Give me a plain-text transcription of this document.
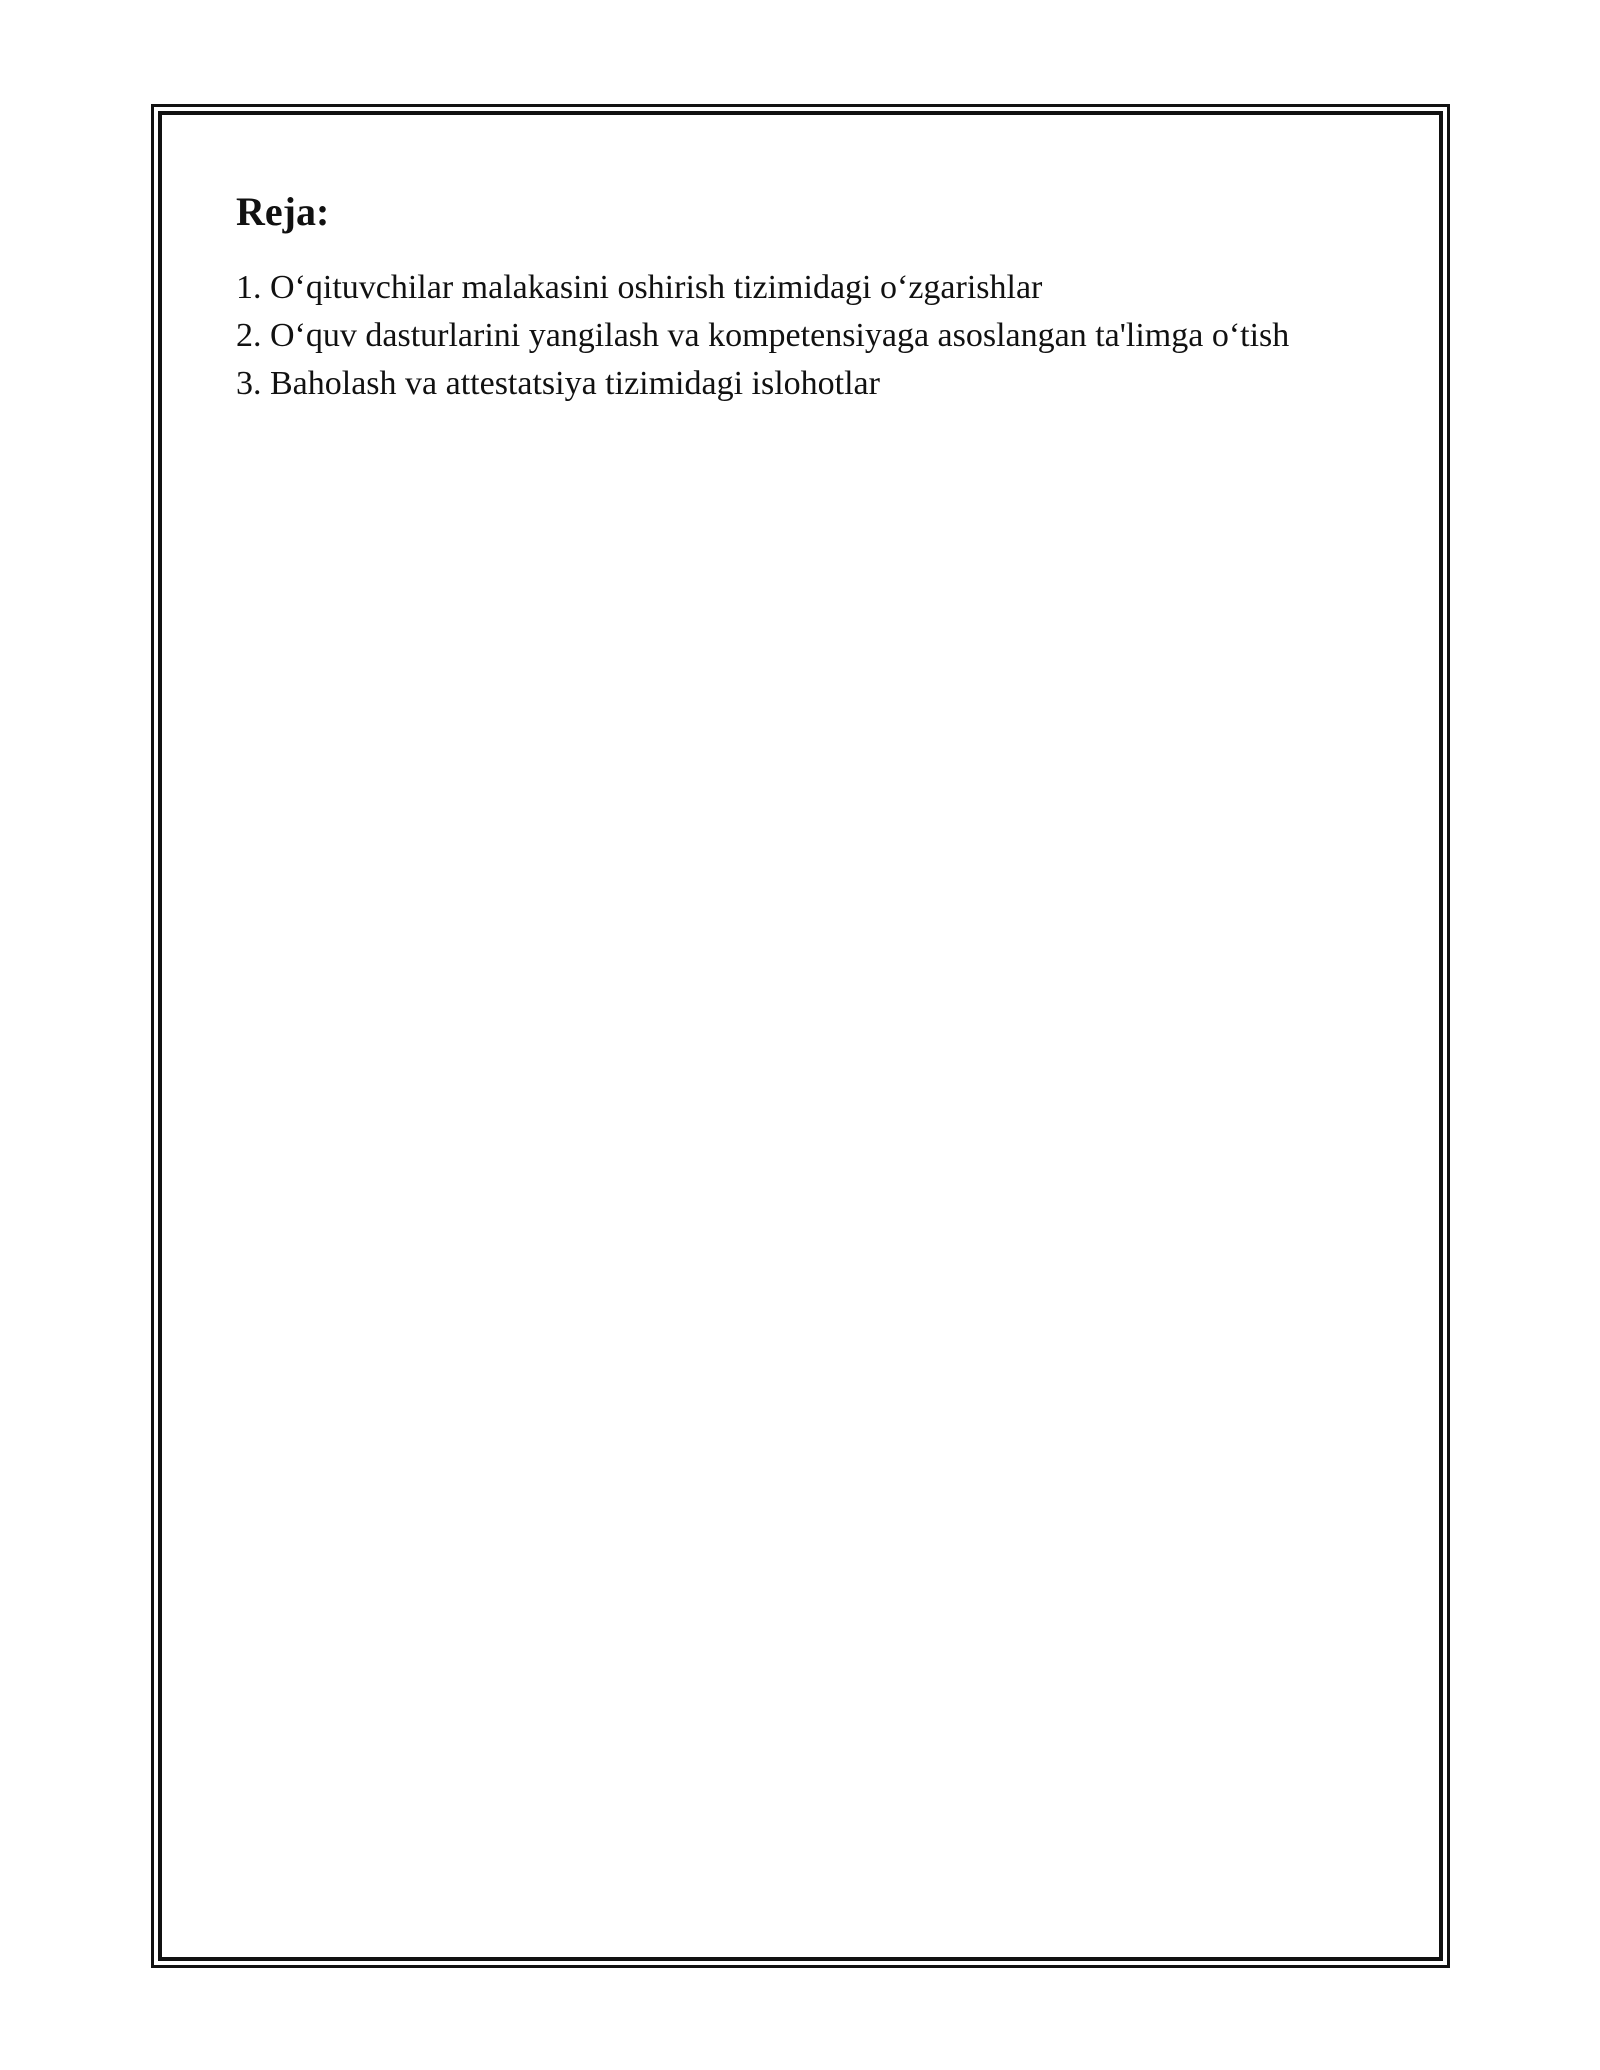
Reja:
1. O‘qituvchilar malakasini oshirish tizimidagi o‘zgarishlar
2. O‘quv dasturlarini yangilash va kompetensiyaga asoslangan ta'limga o‘tish
3. Baholash va attestatsiya tizimidagi islohotlar
